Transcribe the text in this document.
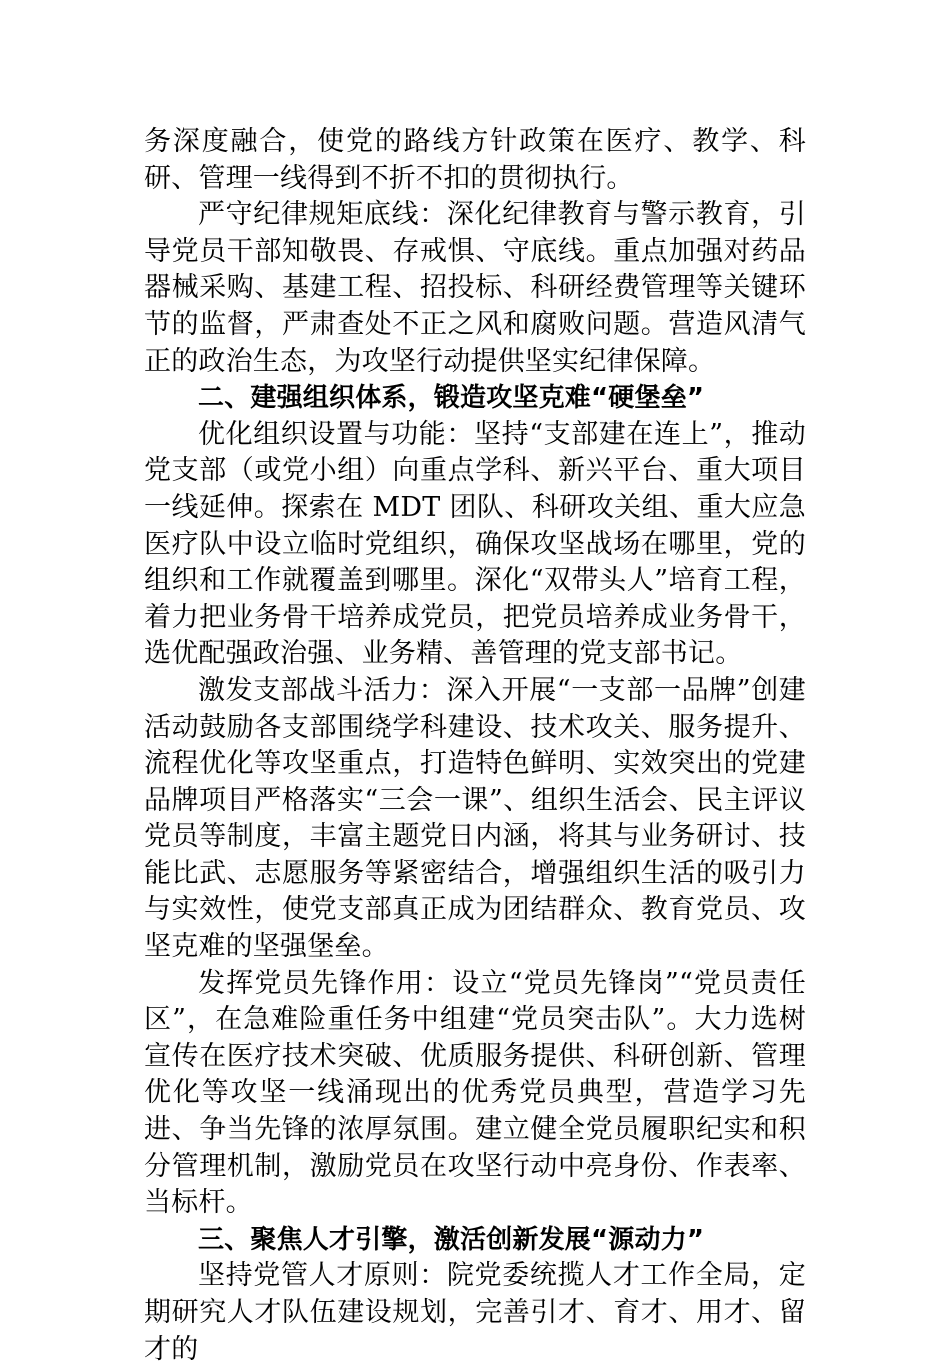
务深度融合，使党的路线方针政策在医疗、教学、科研、管理一线得到不折不扣的贯彻执行。

严守纪律规矩底线：深化纪律教育与警示教育，引导党员干部知敬畏、存戒惧、守底线。重点加强对药品器械采购、基建工程、招投标、科研经费管理等关键环节的监督，严肃查处不正之风和腐败问题。营造风清气正的政治生态，为攻坚行动提供坚实纪律保障。

二、建强组织体系，锻造攻坚克难“硬堡垒”

优化组织设置与功能：坚持“支部建在连上”，推动党支部（或党小组）向重点学科、新兴平台、重大项目一线延伸。探索在 MDT 团队、科研攻关组、重大应急医疗队中设立临时党组织，确保攻坚战场在哪里，党的组织和工作就覆盖到哪里。深化“双带头人”培育工程，着力把业务骨干培养成党员，把党员培养成业务骨干，选优配强政治强、业务精、善管理的党支部书记。

激发支部战斗活力：深入开展“一支部一品牌”创建活动鼓励各支部围绕学科建设、技术攻关、服务提升、流程优化等攻坚重点，打造特色鲜明、实效突出的党建品牌项目严格落实“三会一课”、组织生活会、民主评议党员等制度，丰富主题党日内涵，将其与业务研讨、技能比武、志愿服务等紧密结合，增强组织生活的吸引力与实效性，使党支部真正成为团结群众、教育党员、攻坚克难的坚强堡垒。

发挥党员先锋作用：设立“党员先锋岗”“党员责任区”，在急难险重任务中组建“党员突击队”。大力选树宣传在医疗技术突破、优质服务提供、科研创新、管理优化等攻坚一线涌现出的优秀党员典型，营造学习先进、争当先锋的浓厚氛围。建立健全党员履职纪实和积分管理机制，激励党员在攻坚行动中亮身份、作表率、当标杆。

三、聚焦人才引擎，激活创新发展“源动力”

坚持党管人才原则：院党委统揽人才工作全局，定期研究人才队伍建设规划，完善引才、育才、用才、留才的
